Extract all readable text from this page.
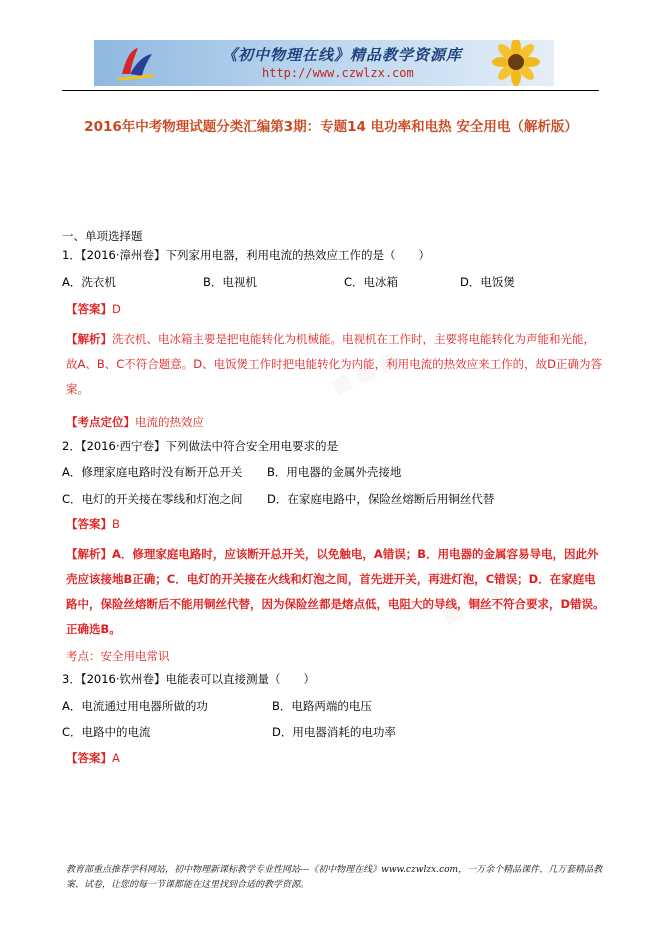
《初中物理在线》精品教学资源库
http://www.czwlzx.com
▦ ▦ ▦
▦ ▦ ▦
2016年中考物理试题分类汇编第3期：专题14 电功率和电热 安全用电（解析版）
一、单项选择题
1．【2016·漳州卷】下列家用电器，利用电流的热效应工作的是（　　）
A．洗衣机	B．电视机	C．电冰箱	D．电饭煲
【答案】D
【解析】洗衣机、电冰箱主要是把电能转化为机械能。电视机在工作时，主要将电能转化为声能和光能，故A、B、C不符合题意。D、电饭煲工作时把电能转化为内能，利用电流的热效应来工作的，故D正确为答案。
【考点定位】电流的热效应
2．【2016·西宁卷】下列做法中符合安全用电要求的是
A．修理家庭电路时没有断开总开关 B．用电器的金属外壳接地
C．电灯的开关接在零线和灯泡之间 D．在家庭电路中，保险丝熔断后用铜丝代替
【答案】B
【解析】A．修理家庭电路时，应该断开总开关，以免触电，A错误；B．用电器的金属容易导电，因此外壳应该接地B正确；C．电灯的开关接在火线和灯泡之间，首先进开关，再进灯泡，C错误；D．在家庭电路中，保险丝熔断后不能用铜丝代替，因为保险丝都是熔点低，电阻大的导线，铜丝不符合要求，D错误。正确选B。
考点：安全用电常识
3．【2016·钦州卷】电能表可以直接测量（　　）
A．电流通过用电器所做的功	B．电路两端的电压
C．电路中的电流	D．用电器消耗的电功率
【答案】A
教育部重点推荐学科网站，初中物理新课标教学专业性网站---《初中物理在线》www.czwlzx.com，一万余个精品课件、几万套精品教案、试卷，让您的每一节课都能在这里找到合适的教学资源。
